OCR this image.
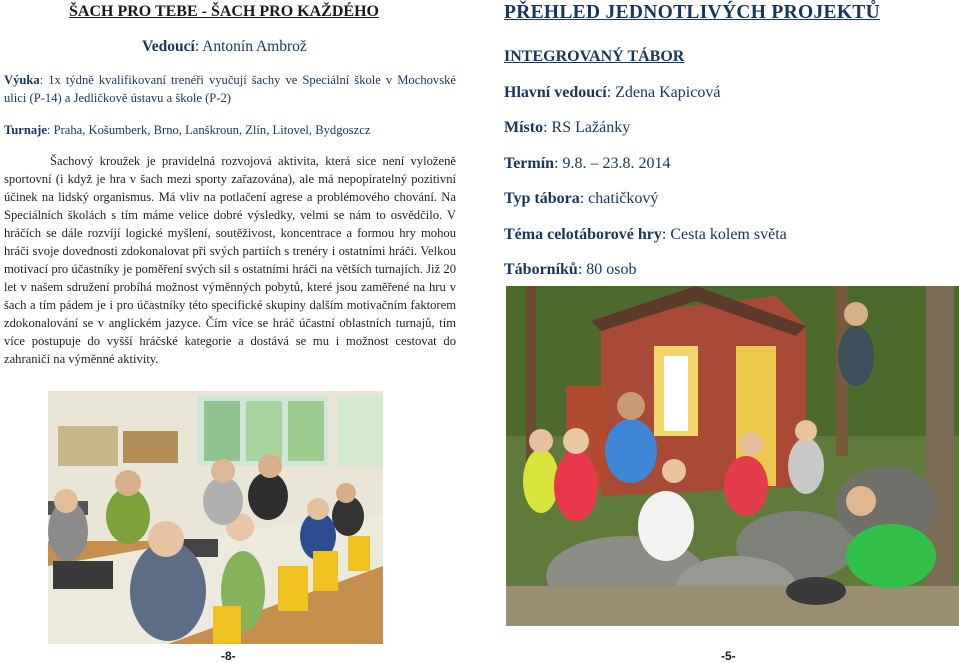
ŠACH PRO TEBE - ŠACH PRO KAŽDÉHO
Vedoucí: Antonín Ambrož
Výuka: 1x týdně kvalifikovaní trenéři vyučují šachy ve Speciální škole v Mochovské ulici (P-14) a Jedličkově ústavu a škole (P-2)
Turnaje: Praha, Košumberk, Brno, Lanškroun, Zlín, Litovel, Bydgoszcz
Šachový kroužek je pravidelná rozvojová aktivita, která sice není vyloženě sportovní (i když je hra v šach mezi sporty zařazována), ale má nepopíratelný pozitivní účinek na lidský organismus. Má vliv na potlačení agrese a problémového chování. Na Speciálních školách s tím máme velice dobré výsledky, velmi se nám to osvědčilo. V hráčích se dále rozvíjí logické myšlení, soutěživost, koncentrace a formou hry mohou hráči svoje dovednosti zdokonalovat při svých partiích s trenéry i ostatními hráči. Velkou motivací pro účastníky je poměření svých sil s ostatními hráči na větších turnajích. Již 20 let v našem sdružení probíhá možnost výměnných pobytů, které jsou zaměřené na hru v šach a tím pádem je i pro účastníky této specifické skupiny dalším motivačním faktorem zdokonalování se v anglickém jazyce. Čím více se hráč účastní oblastních turnajů, tím více postupuje do vyšší hráčské kategorie a dostává se mu i možnost cestovat do zahraničí na výměnné aktivity.
-8-
PŘEHLED JEDNOTLIVÝCH PROJEKTŮ
INTEGROVANÝ TÁBOR
Hlavní vedoucí: Zdena Kapicová
Místo: RS Lažánky
Termín: 9.8. – 23.8. 2014
Typ tábora: chatičkový
Téma celotáborové hry: Cesta kolem světa
Táborníků: 80 osob
-5-
